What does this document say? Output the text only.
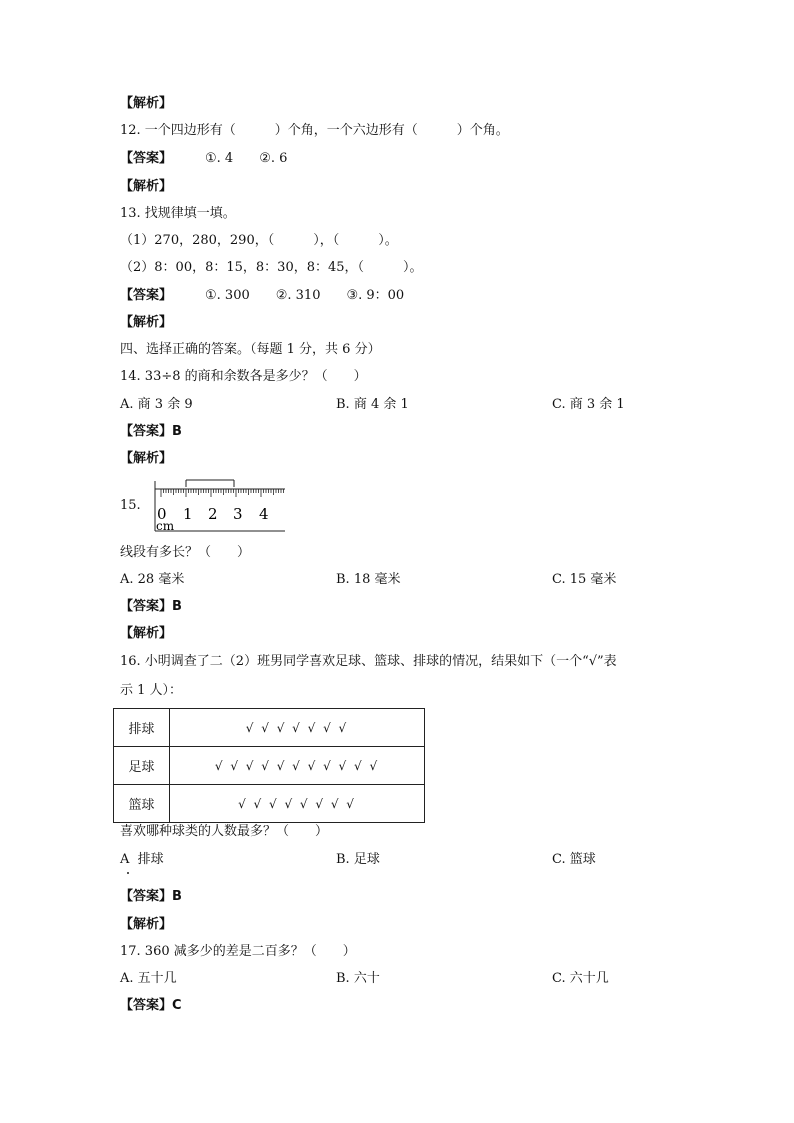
【解析】
12. 一个四边形有（　　　）个角，一个六边形有（　　　）个角。
【答案】	①. 4　　②. 6
【解析】
13. 找规律填一填。
（1）270，280，290，（　　　），（　　　）。
（2）8：00，8：15，8：30，8：45，（　　　）。
【答案】	①. 300　　②. 310　　③. 9：00
【解析】
四、选择正确的答案。（每题 1 分，共 6 分）
14. 33÷8 的商和余数各是多少？（　　）
A. 商 3 余 9	B. 商 4 余 1	C. 商 3 余 1
【答案】B
【解析】
15. 0 1 2 3 4
cm
线段有多长？（　　）
A. 28 毫米	B. 18 毫米	C. 15 毫米
【答案】B
【解析】
16. 小明调查了二（2）班男同学喜欢足球、篮球、排球的情况，结果如下（一个“√”表
示 1 人）：
排球	√ √ √ √ √ √ √
足球	√ √ √ √ √ √ √ √ √ √ √
篮球	√ √ √ √ √ √ √ √
喜欢哪种球类的人数最多？（　　）
A  排球	B. 足球	C. 篮球
【答案】B
【解析】
17. 360 减多少的差是二百多？（　　）
A. 五十几	B. 六十	C. 六十几
【答案】C
